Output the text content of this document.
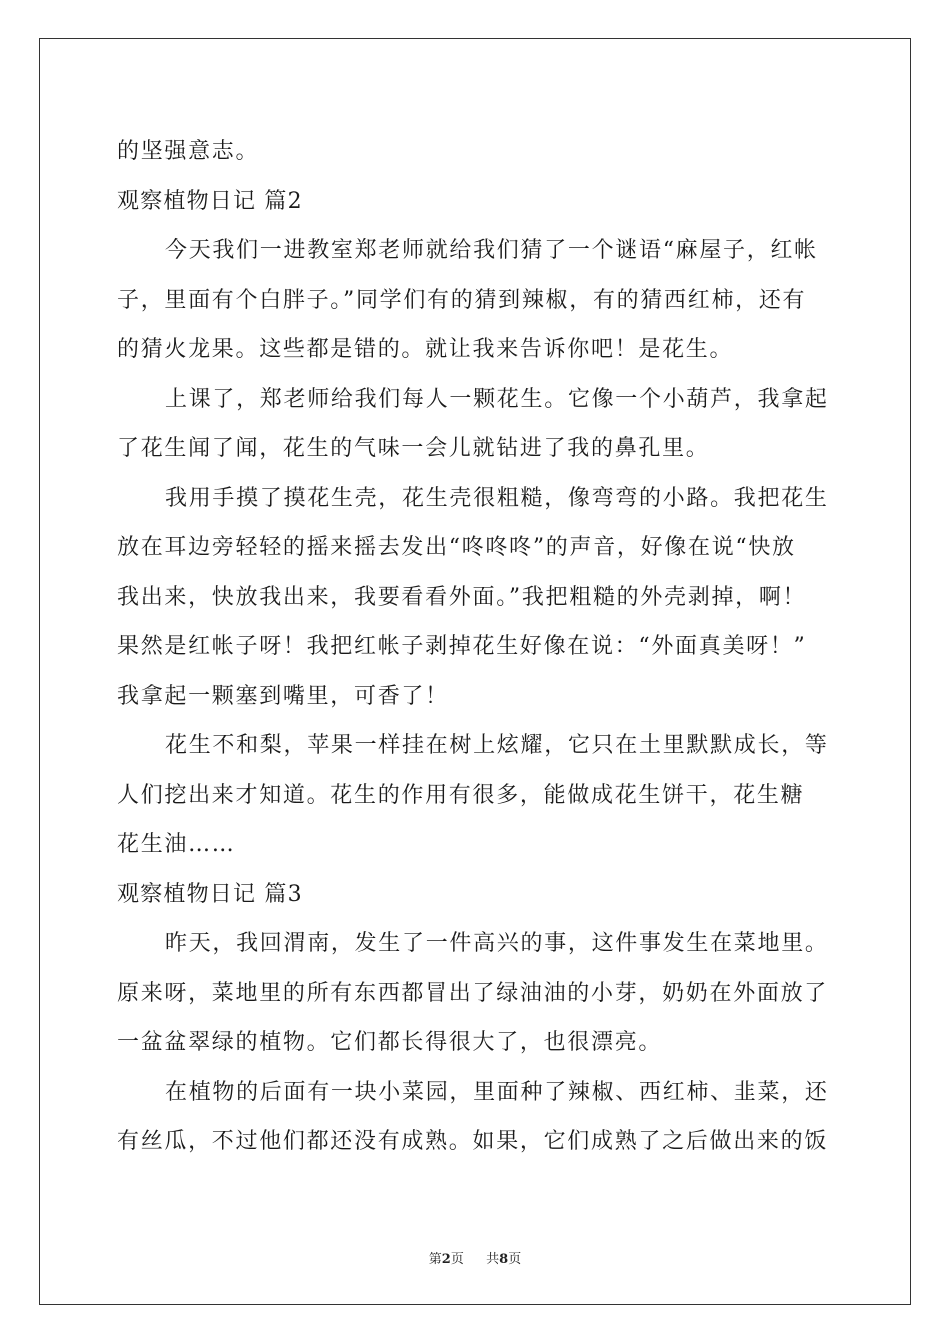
的坚强意志。
观察植物日记 篇2
今天我们一进教室郑老师就给我们猜了一个谜语“麻屋子，红帐
子，里面有个白胖子。”同学们有的猜到辣椒，有的猜西红柿，还有
的猜火龙果。这些都是错的。就让我来告诉你吧！是花生。
上课了，郑老师给我们每人一颗花生。它像一个小葫芦，我拿起
了花生闻了闻，花生的气味一会儿就钻进了我的鼻孔里。
我用手摸了摸花生壳，花生壳很粗糙，像弯弯的小路。我把花生
放在耳边旁轻轻的摇来摇去发出“咚咚咚”的声音，好像在说“快放
我出来，快放我出来，我要看看外面。”我把粗糙的外壳剥掉，啊！
果然是红帐子呀！我把红帐子剥掉花生好像在说：“外面真美呀！”
我拿起一颗塞到嘴里，可香了！
花生不和梨，苹果一样挂在树上炫耀，它只在土里默默成长，等
人们挖出来才知道。花生的作用有很多，能做成花生饼干，花生糖
花生油……
观察植物日记 篇3
昨天，我回渭南，发生了一件高兴的事，这件事发生在菜地里。
原来呀，菜地里的所有东西都冒出了绿油油的小芽，奶奶在外面放了
一盆盆翠绿的植物。它们都长得很大了，也很漂亮。
在植物的后面有一块小菜园，里面种了辣椒、西红柿、韭菜，还
有丝瓜，不过他们都还没有成熟。如果，它们成熟了之后做出来的饭
第2页 共8页
